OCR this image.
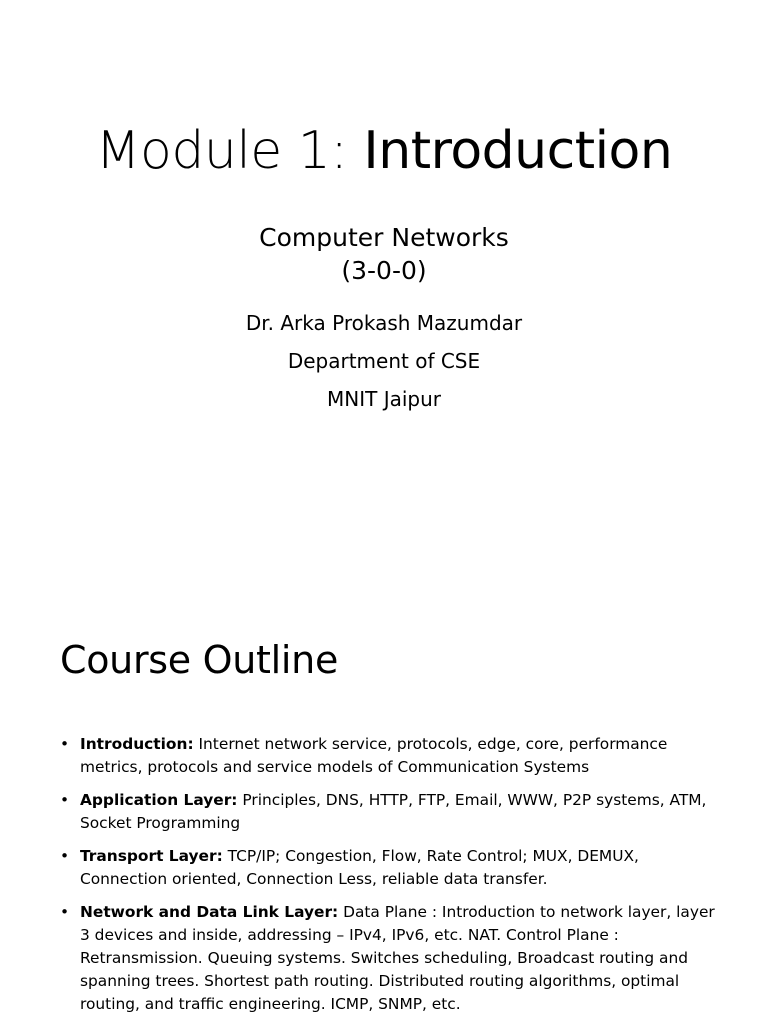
Module 1: Introduction
Computer Networks
(3-0-0)
Dr. Arka Prokash Mazumdar
Department of CSE
MNIT Jaipur
Course Outline
• Introduction: Internet network service, protocols, edge, core, performance metrics, protocols and service models of Communication Systems
• Application Layer: Principles, DNS, HTTP, FTP, Email, WWW, P2P systems, ATM, Socket Programming
• Transport Layer: TCP/IP; Congestion, Flow, Rate Control; MUX, DEMUX, Connection oriented, Connection Less, reliable data transfer.
• Network and Data Link Layer: Data Plane : Introduction to network layer, layer 3 devices and inside, addressing – IPv4, IPv6, etc. NAT. Control Plane : Retransmission. Queuing systems. Switches scheduling, Broadcast routing and spanning trees. Shortest path routing. Distributed routing algorithms, optimal routing, and traffic engineering. ICMP, SNMP, etc.
